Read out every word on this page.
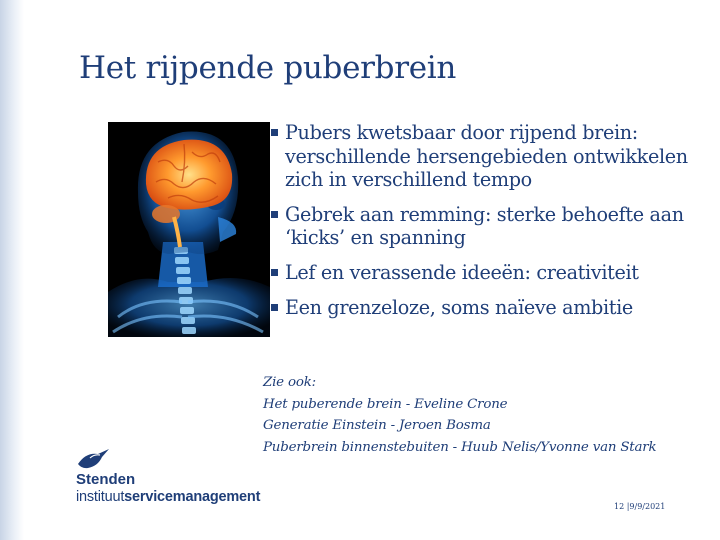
Het rijpende puberbrein
Pubers kwetsbaar door rijpend brein: verschillende hersengebieden ontwikkelen zich in verschillend tempo
Gebrek aan remming: sterke behoefte aan ‘kicks’ en spanning
Lef en verassende ideeën: creativiteit
Een grenzeloze, soms naïeve ambitie
Zie ook:
Het puberende brein - Eveline Crone
Generatie Einstein - Jeroen Bosma
Puberbrein binnenstebuiten - Huub Nelis/Yvonne van Stark
Stenden
instituutservicemanagement
12 |9/9/2021
